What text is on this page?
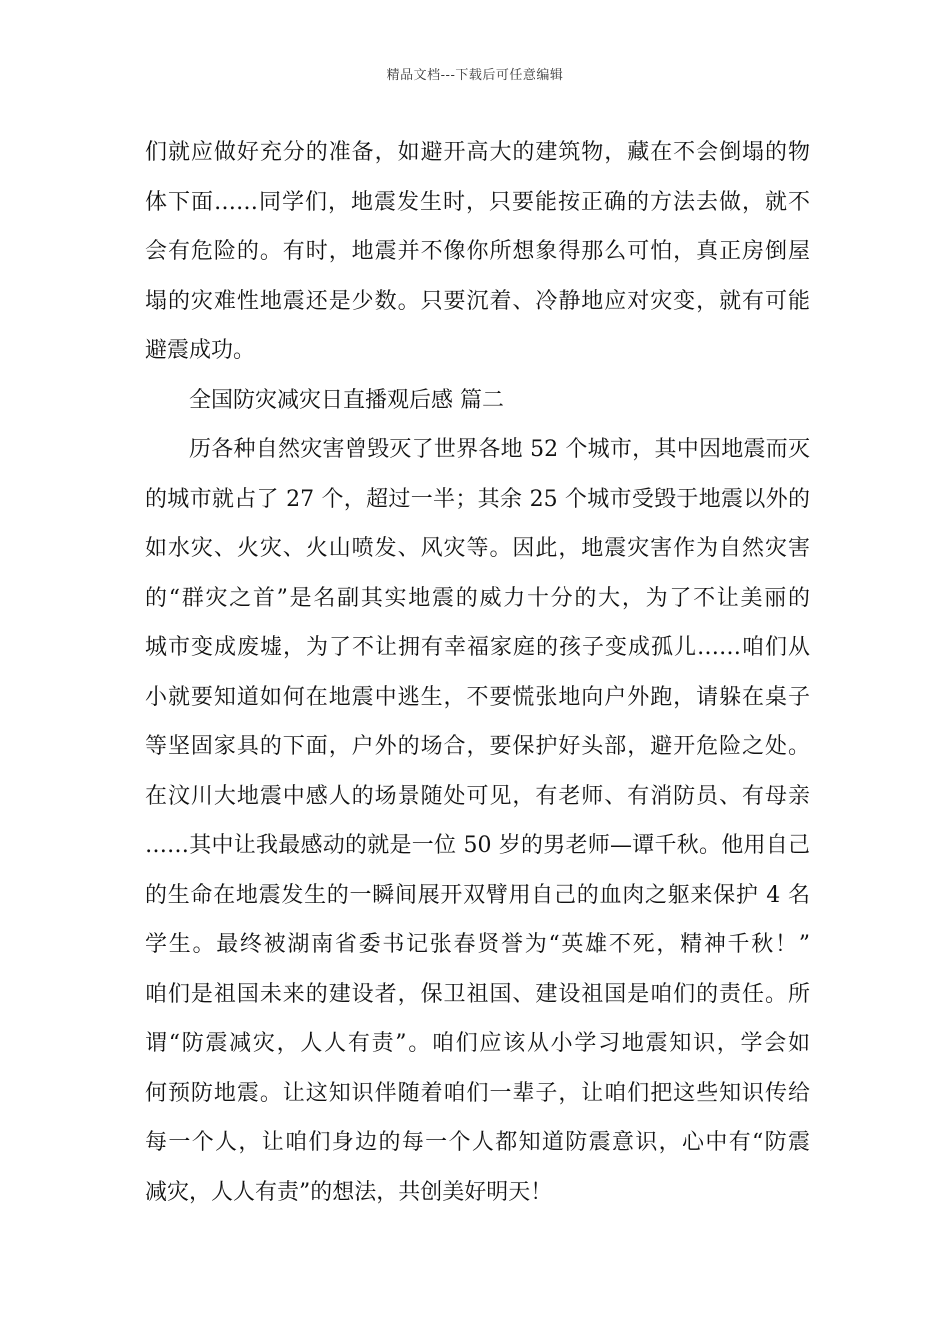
精品文档---下载后可任意编辑
们就应做好充分的准备，如避开高大的建筑物，藏在不会倒塌的物
体下面……同学们，地震发生时，只要能按正确的方法去做，就不
会有危险的。有时，地震并不像你所想象得那么可怕，真正房倒屋
塌的灾难性地震还是少数。只要沉着、冷静地应对灾变，就有可能
避震成功。
全国防灾减灾日直播观后感 篇二
历各种自然灾害曾毁灭了世界各地 52 个城市，其中因地震而灭
的城市就占了 27 个，超过一半；其余 25 个城市受毁于地震以外的
如水灾、火灾、火山喷发、风灾等。因此，地震灾害作为自然灾害
的“群灾之首”是名副其实地震的威力十分的大，为了不让美丽的
城市变成废墟，为了不让拥有幸福家庭的孩子变成孤儿……咱们从
小就要知道如何在地震中逃生，不要慌张地向户外跑，请躲在桌子
等坚固家具的下面，户外的场合，要保护好头部，避开危险之处。
在汶川大地震中感人的场景随处可见，有老师、有消防员、有母亲
……其中让我最感动的就是一位 50 岁的男老师—谭千秋。他用自己
的生命在地震发生的一瞬间展开双臂用自己的血肉之躯来保护 4 名
学生。最终被湖南省委书记张春贤誉为“英雄不死，精神千秋！”
咱们是祖国未来的建设者，保卫祖国、建设祖国是咱们的责任。所
谓“防震减灾，人人有责”。咱们应该从小学习地震知识，学会如
何预防地震。让这知识伴随着咱们一辈子，让咱们把这些知识传给
每一个人，让咱们身边的每一个人都知道防震意识，心中有“防震
减灾，人人有责”的想法，共创美好明天！
